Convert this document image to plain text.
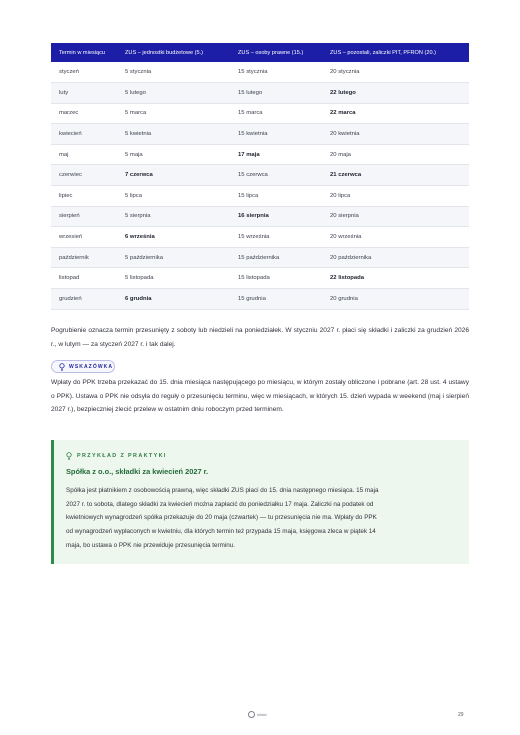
Termin w miesiącu	ZUS – jednostki budżetowe (5.)	ZUS – osoby prawne (15.)	ZUS – pozostali, zaliczki PIT, PFRON (20.)
styczeń	5 stycznia	15 stycznia	20 stycznia
luty	5 lutego	15 lutego	22 lutego
marzec	5 marca	15 marca	22 marca
kwiecień	5 kwietnia	15 kwietnia	20 kwietnia
maj	5 maja	17 maja	20 maja
czerwiec	7 czerwca	15 czerwca	21 czerwca
lipiec	5 lipca	15 lipca	20 lipca
sierpień	5 sierpnia	16 sierpnia	20 sierpnia
wrzesień	6 września	15 września	20 września
październik	5 października	15 października	20 października
listopad	5 listopada	15 listopada	22 listopada
grudzień	6 grudnia	15 grudnia	20 grudnia

Pogrubienie oznacza termin przesunięty z soboty lub niedzieli na poniedziałek. W styczniu 2027 r. płaci się składki i zaliczki za grudzień 2026 r., w lutym — za styczeń 2027 r. i tak dalej.

WSKAZÓWKA

Wpłaty do PPK trzeba przekazać do 15. dnia miesiąca następującego po miesiącu, w którym zostały obliczone i pobrane (art. 28 ust. 4 ustawy o PPK). Ustawa o PPK nie odsyła do reguły o przesunięciu terminu, więc w miesiącach, w których 15. dzień wypada w weekend (maj i sierpień 2027 r.), bezpieczniej zlecić przelew w ostatnim dniu roboczym przed terminem.

PRZYKŁAD Z PRAKTYKI
Spółka z o.o., składki za kwiecień 2027 r.
Spółka jest płatnikiem z osobowością prawną, więc składki ZUS płaci do 15. dnia następnego miesiąca. 15 maja
2027 r. to sobota, dlatego składki za kwiecień można zapłacić do poniedziałku 17 maja. Zaliczki na podatek od
kwietniowych wynagrodzeń spółka przekazuje do 20 maja (czwartek) — tu przesunięcia nie ma. Wpłaty do PPK
od wynagrodzeń wypłaconych w kwietniu, dla których termin też przypada 15 maja, księgowa zleca w piątek 14
maja, bo ustawa o PPK nie przewiduje przesunięcia terminu.
infakt	29
